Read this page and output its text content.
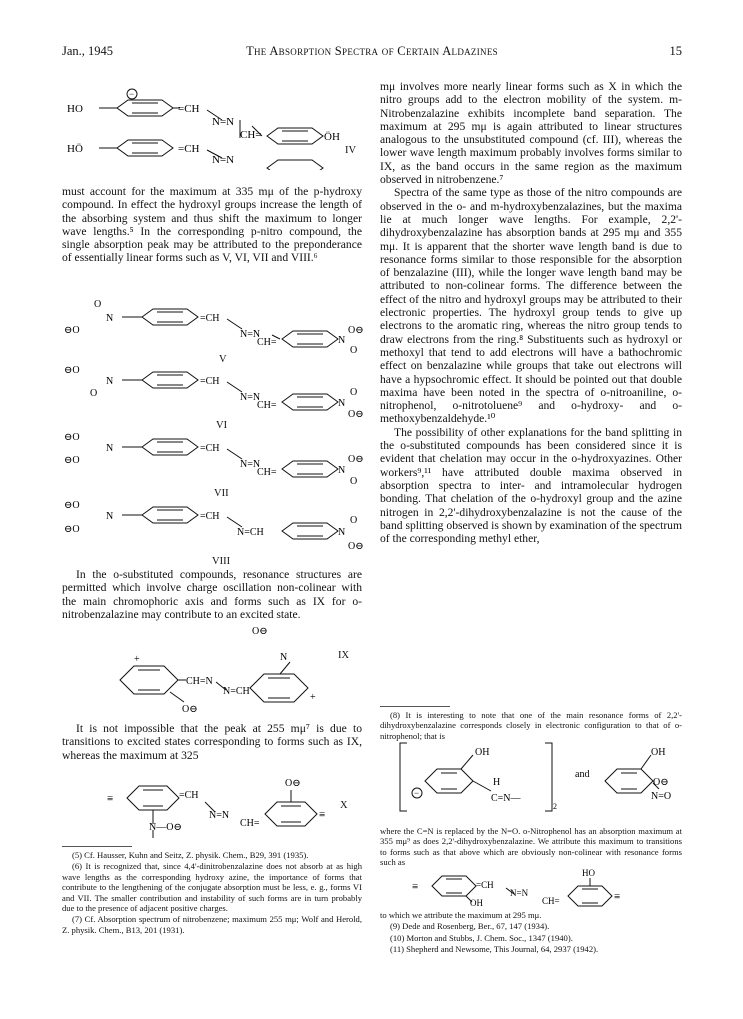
Jan., 1945	The Absorption Spectra of Certain Aldazines	15
−
HO	=CH
N=N
CH=	ÖH
HÖ	=CH
N=N
IV

must account for the maximum at 335 mμ of the p-hydroxy compound. In effect the hydroxyl groups increase the length of the absorbing system and thus shift the maximum to longer wave lengths.⁵ In the corresponding p-nitro compound, the single absorption peak may be attributed to the preponderance of essentially linear forms such as V, VI, VII and VIII.⁶

O
N
⊖O
=CH
N=N
CH=	N
O⊖
O
⊖O
N
O
=CH
N=N
CH=	N
O
O⊖
⊖O
N
⊖O
=CH
N=N
CH=	N
O⊖
O
⊖O
N
⊖O
=CH
N=CH	N
O
O⊖
V
VI
VII
VIII

In the o-substituted compounds, resonance structures are permitted which involve charge oscillation non-colinear with the main chromophoric axis and forms such as IX for o-nitrobenzalazine may contribute to an excited state.

+
+
CH=N
N=CH
O⊖
N
O⊖
IX

It is not impossible that the peak at 255 mμ⁷ is due to transitions to excited states corresponding to forms such as IX, whereas the maximum at 325

≡
≡
=CH
N=N
CH=
N—O⊖
O⊖
X

(5) Cf. Hausser, Kuhn and Seitz, Z. physik. Chem., B29, 391 (1935).

(6) It is recognized that, since 4,4'-dinitrobenzalazine does not absorb at as high wave lengths as the corresponding hydroxy azine, the importance of forms that contribute to the lengthening of the conjugate absorption must be less, e. g., forms VI and VII. The smaller contribution and instability of such forms are in turn probably due to the presence of adjacent positive charges.

(7) Cf. Absorption spectrum of nitrobenzene; maximum 255 mμ; Wolf and Herold, Z. physik. Chem., B13, 201 (1931).

mμ involves more nearly linear forms such as X in which the nitro groups add to the electron mobility of the system. m-Nitrobenzalazine exhibits incomplete band separation. The maximum at 295 mμ is again attributed to linear structures analogous to the unsubstituted compound (cf. III), whereas the lower wave length maximum probably involves forms similar to IX, as the band occurs in the same region as the maximum observed in nitrobenzene.⁷

Spectra of the same type as those of the nitro compounds are observed in the o- and m-hydroxybenzalazines, but the maxima lie at much longer wave lengths. For example, 2,2'-dihydroxybenzalazine has absorption bands at 295 mμ and 355 mμ. It is apparent that the shorter wave length band is due to resonance forms similar to those responsible for the absorption of benzalazine (III), while the longer wave length band may be attributed to non-colinear forms. The difference between the effect of the nitro and hydroxyl groups may be attributed to their electronic properties. The hydroxyl group tends to give up electrons to the aromatic ring, whereas the nitro group tends to draw electrons from the ring.⁸ Substituents such as hydroxyl or methoxyl that tend to add electrons will have a bathochromic effect on benzalazine while groups that take out electrons will have a hypsochromic effect. It should be pointed out that double maxima have been noted in the spectra of o-nitroaniline, o-nitrophenol, o-nitrotoluene⁹ and o-hydroxy- and o-methoxybenzaldehyde.¹⁰

The possibility of other explanations for the band splitting in the o-substituted compounds has been considered since it is evident that chelation may occur in the o-hydroxyazines. Other workers⁹,¹¹ have attributed double maxima observed in absorption spectra to inter- and intramolecular hydrogen bonding. That chelation of the o-hydroxyl group and the azine nitrogen in 2,2'-dihydroxybenzalazine is not the cause of the band splitting observed is shown by examination of the spectrum of the corresponding methyl ether,

(8) It is interesting to note that one of the main resonance forms of 2,2'-dihydroxybenzalazine corresponds closely in electronic configuration to that of o-nitrophenol; that is

−
OH
H
C=N—
2
and
OH
O⊖
N=O

where the C=N is replaced by the N=O. o-Nitrophenol has an absorption maximum at 355 mμ⁹ as does 2,2'-dihydroxybenzalazine. We attribute this maximum to transitions to forms such as that above which are obviously non-colinear with resonance forms such as

≡
≡
=CH
N=N
CH=
OH
HO

to which we attribute the maximum at 295 mμ.

(9) Dede and Rosenberg, Ber., 67, 147 (1934).

(10) Morton and Stubbs, J. Chem. Soc., 1347 (1940).

(11) Shepherd and Newsome, This Journal, 64, 2937 (1942).
